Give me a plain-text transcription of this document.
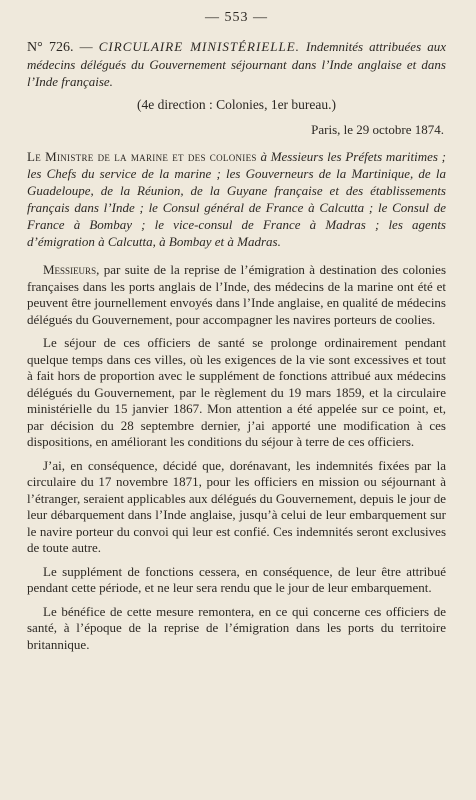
— 553 —
N° 726. — CIRCULAIRE MINISTÉRIELLE. Indemnités attribuées aux médecins délégués du Gouvernement séjournant dans l’Inde anglaise et dans l’Inde française.
(4e direction : Colonies, 1er bureau.)
Paris, le 29 octobre 1874.
Le Ministre de la marine et des colonies à Messieurs les Préfets maritimes ; les Chefs du service de la marine ; les Gouverneurs de la Martinique, de la Guadeloupe, de la Réunion, de la Guyane française et des établissements français dans l’Inde ; le Consul général de France à Calcutta ; le Consul de France à Bombay ; le vice-consul de France à Madras ; les agents d’émigration à Calcutta, à Bombay et à Madras.

Messieurs, par suite de la reprise de l’émigration à destination des colonies françaises dans les ports anglais de l’Inde, des médecins de la marine ont été et peuvent être journellement envoyés dans l’Inde anglaise, en qualité de médecins délégués du Gouvernement, pour accompagner les navires porteurs de coolies.

Le séjour de ces officiers de santé se prolonge ordinairement pendant quelque temps dans ces villes, où les exigences de la vie sont excessives et tout à fait hors de proportion avec le supplément de fonctions attribué aux médecins délégués du Gouvernement, par le règlement du 19 mars 1859, et la circulaire ministérielle du 15 janvier 1867. Mon attention a été appelée sur ce point, et, par décision du 28 septembre dernier, j’ai apporté une modification à ces dispositions, en améliorant les conditions du séjour à terre de ces officiers.

J’ai, en conséquence, décidé que, dorénavant, les indemnités fixées par la circulaire du 17 novembre 1871, pour les officiers en mission ou séjournant à l’étranger, seraient applicables aux délégués du Gouvernement, depuis le jour de leur débarquement dans l’Inde anglaise, jusqu’à celui de leur embarquement sur le navire porteur du convoi qui leur est confié. Ces indemnités seront exclusives de toute autre.

Le supplément de fonctions cessera, en conséquence, de leur être attribué pendant cette période, et ne leur sera rendu que le jour de leur embarquement.

Le bénéfice de cette mesure remontera, en ce qui concerne ces officiers de santé, à l’époque de la reprise de l’émigration dans les ports du territoire britannique.
